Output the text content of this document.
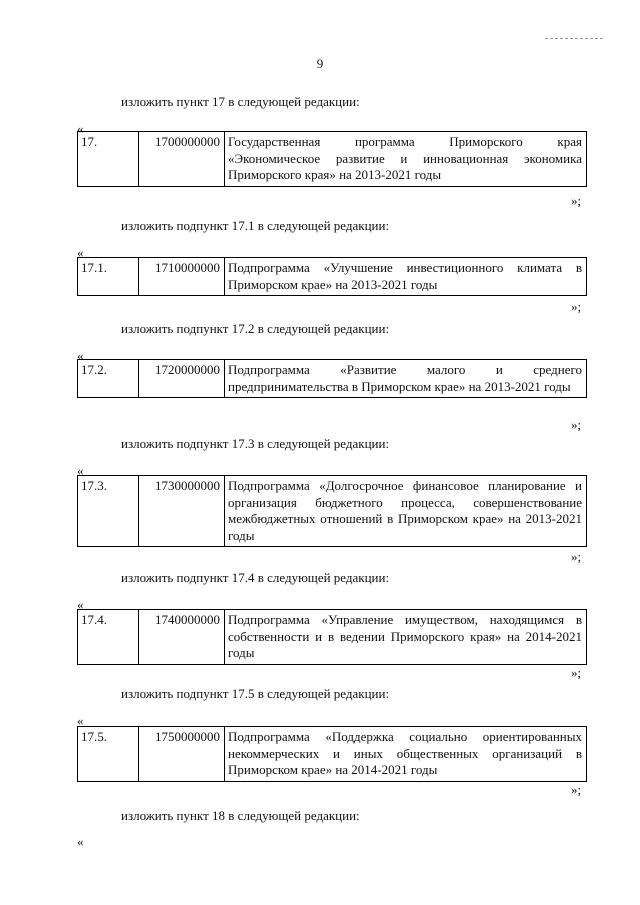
9
изложить пункт 17 в следующей редакции:
«
17.	1700000000	Государственная программа Приморского края «Экономическое развитие и инновационная экономика Приморского края» на 2013-2021 годы
»;
изложить подпункт 17.1 в следующей редакции:
«
17.1.	1710000000	Подпрограмма «Улучшение инвестиционного климата в Приморском крае» на 2013-2021 годы
»;
изложить подпункт 17.2 в следующей редакции:
«
17.2.	1720000000	Подпрограмма «Развитие малого и среднего предпринимательства в Приморском крае» на 2013-2021 годы
»;
изложить подпункт 17.3 в следующей редакции:
«
17.3.	1730000000	Подпрограмма «Долгосрочное финансовое планирование и организация бюджетного процесса, совершенствование межбюджетных отношений в Приморском крае» на 2013-2021 годы
»;
изложить подпункт 17.4 в следующей редакции:
«
17.4.	1740000000	Подпрограмма «Управление имуществом, находящимся в собственности и в ведении Приморского края» на 2014-2021 годы
»;
изложить подпункт 17.5 в следующей редакции:
«
17.5.	1750000000	Подпрограмма «Поддержка социально ориентированных некоммерческих и иных общественных организаций в Приморском крае» на 2014-2021 годы
»;
изложить пункт 18 в следующей редакции:
«
